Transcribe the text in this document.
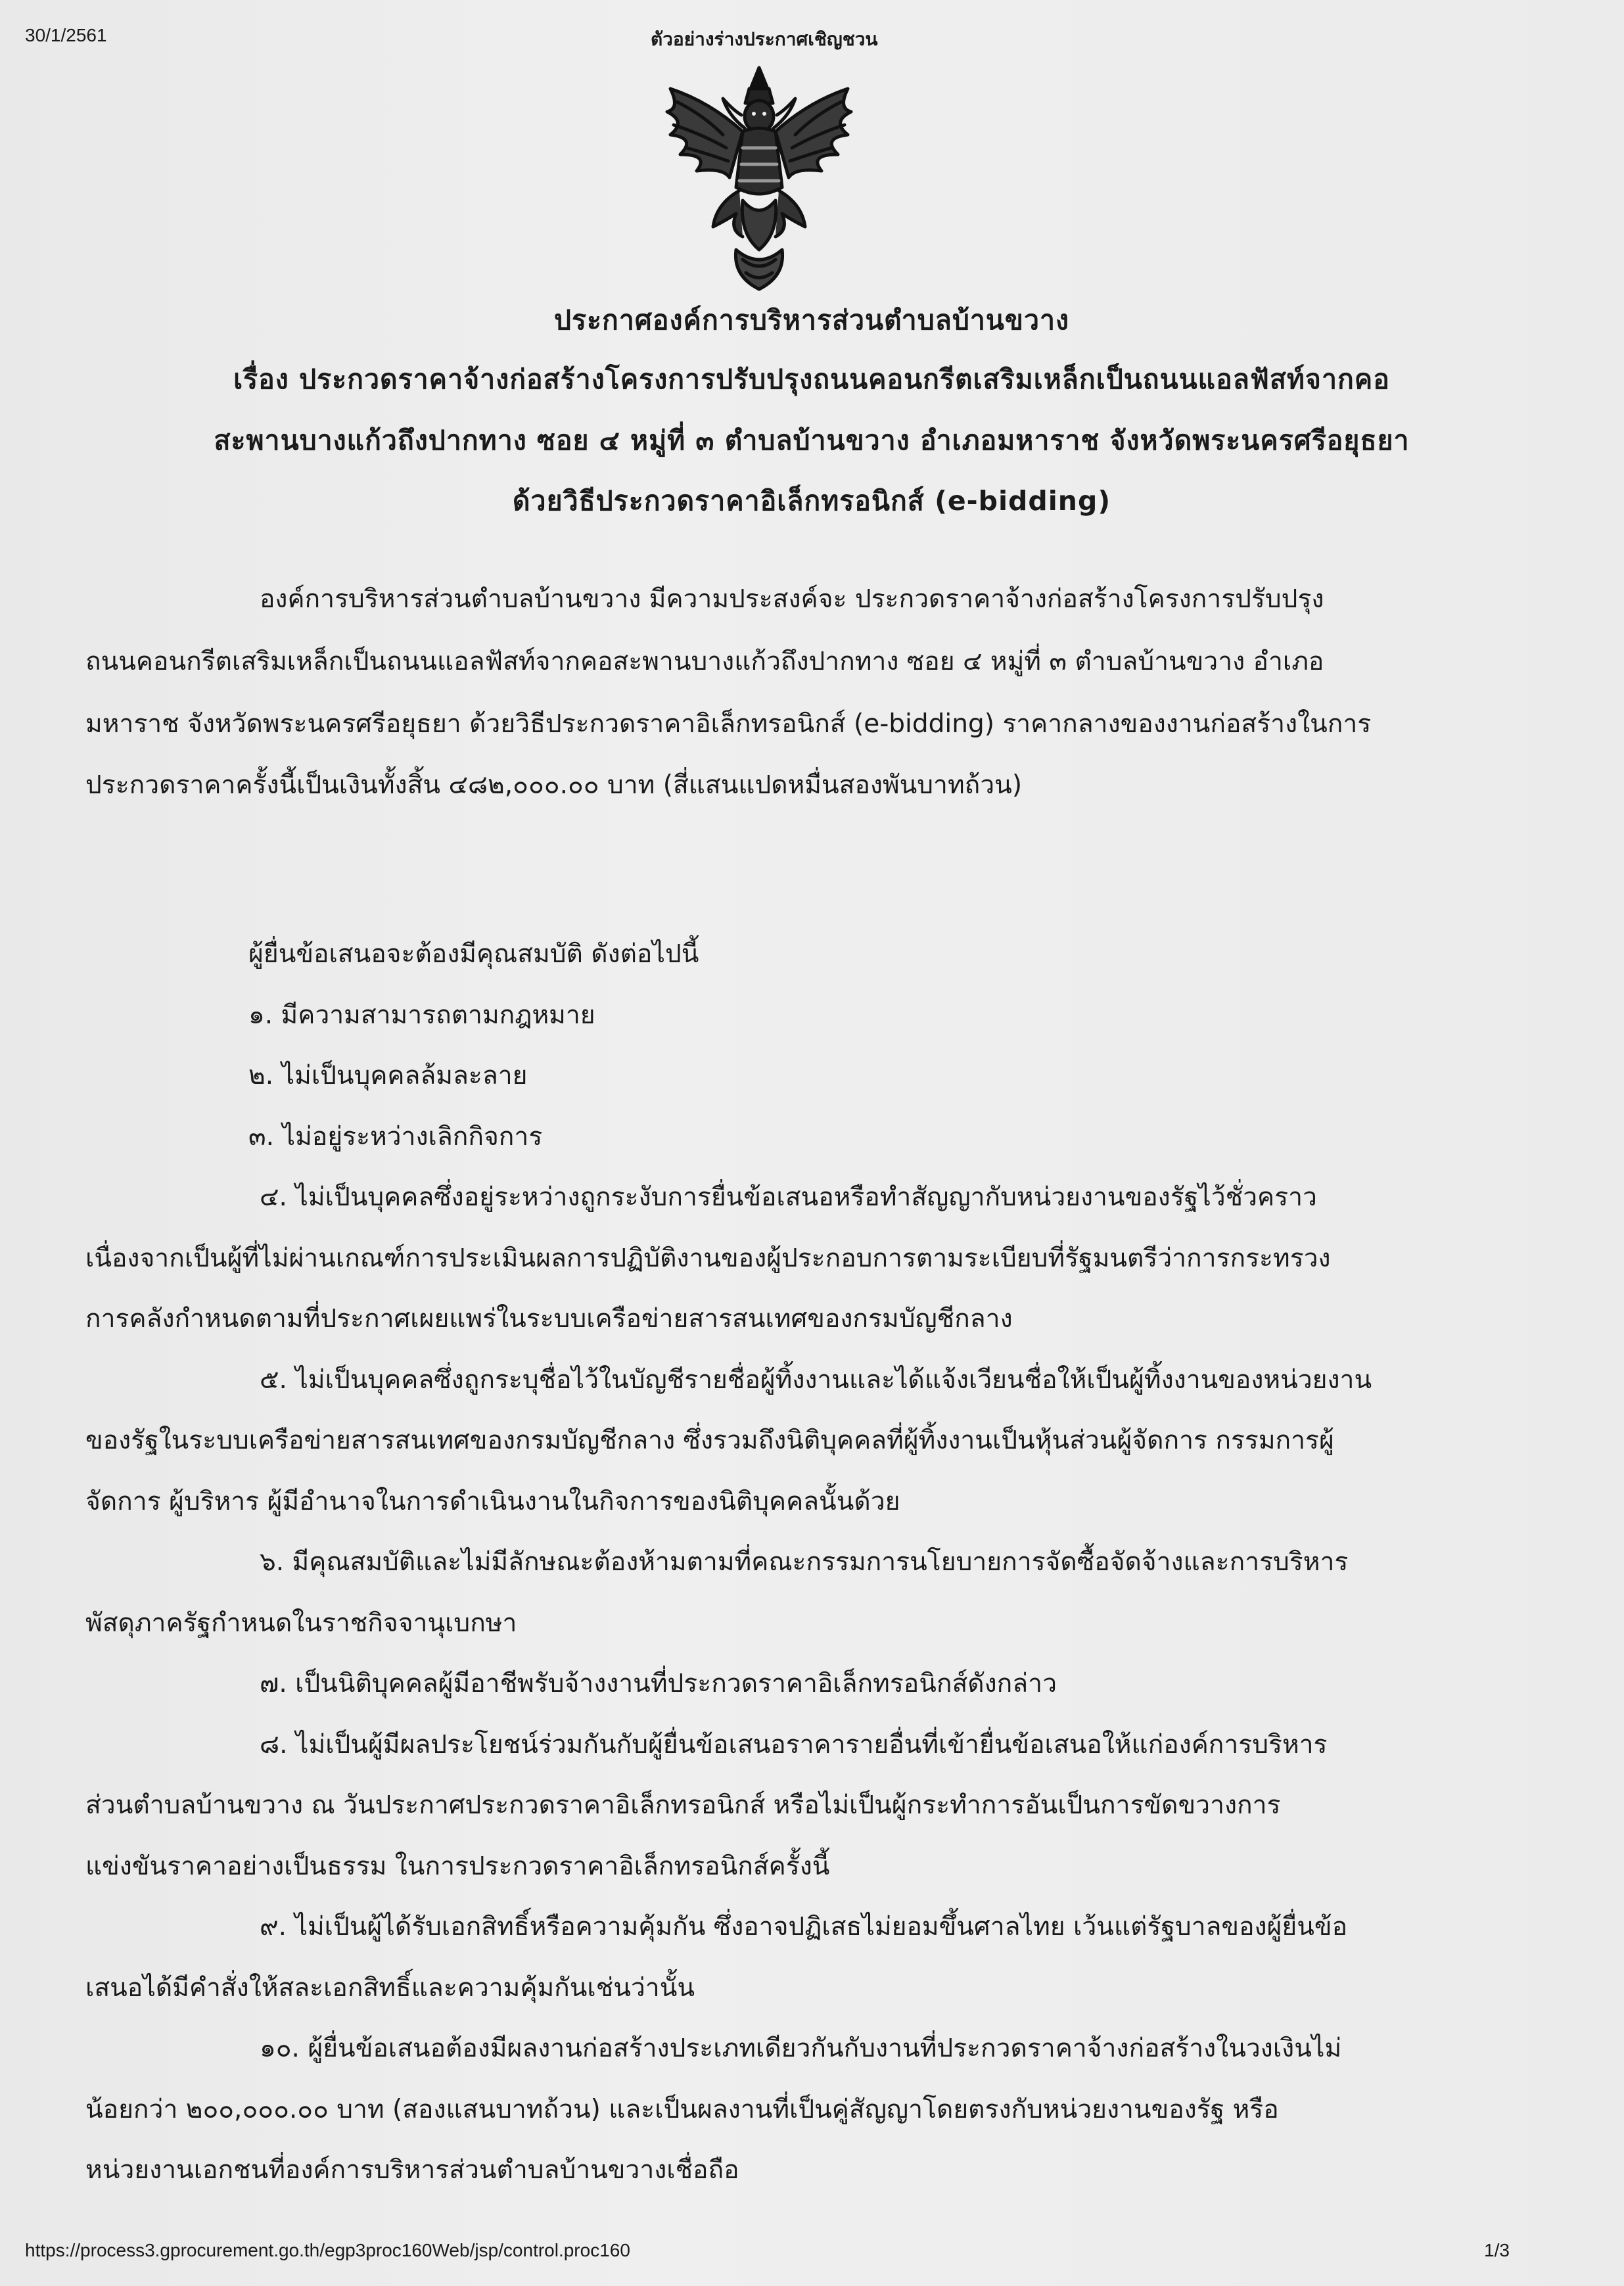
30/1/2561	ตัวอย่างร่างประกาศเชิญชวน
ประกาศองค์การบริหารส่วนตำบลบ้านขวาง
เรื่อง ประกวดราคาจ้างก่อสร้างโครงการปรับปรุงถนนคอนกรีตเสริมเหล็กเป็นถนนแอลฟัสท์จากคอ
สะพานบางแก้วถึงปากทาง ซอย ๔ หมู่ที่ ๓ ตำบลบ้านขวาง อำเภอมหาราช จังหวัดพระนครศรีอยุธยา
ด้วยวิธีประกวดราคาอิเล็กทรอนิกส์ (e-bidding)
องค์การบริหารส่วนตำบลบ้านขวาง มีความประสงค์จะ ประกวดราคาจ้างก่อสร้างโครงการปรับปรุง
ถนนคอนกรีตเสริมเหล็กเป็นถนนแอลฟัสท์จากคอสะพานบางแก้วถึงปากทาง ซอย ๔ หมู่ที่ ๓ ตำบลบ้านขวาง อำเภอ
มหาราช จังหวัดพระนครศรีอยุธยา ด้วยวิธีประกวดราคาอิเล็กทรอนิกส์ (e-bidding) ราคากลางของงานก่อสร้างในการ
ประกวดราคาครั้งนี้เป็นเงินทั้งสิ้น ๔๘๒,๐๐๐.๐๐ บาท (สี่แสนแปดหมื่นสองพันบาทถ้วน)
ผู้ยื่นข้อเสนอจะต้องมีคุณสมบัติ ดังต่อไปนี้
๑. มีความสามารถตามกฎหมาย
๒. ไม่เป็นบุคคลล้มละลาย
๓. ไม่อยู่ระหว่างเลิกกิจการ
๔. ไม่เป็นบุคคลซึ่งอยู่ระหว่างถูกระงับการยื่นข้อเสนอหรือทำสัญญากับหน่วยงานของรัฐไว้ชั่วคราว
เนื่องจากเป็นผู้ที่ไม่ผ่านเกณฑ์การประเมินผลการปฏิบัติงานของผู้ประกอบการตามระเบียบที่รัฐมนตรีว่าการกระทรวง
การคลังกำหนดตามที่ประกาศเผยแพร่ในระบบเครือข่ายสารสนเทศของกรมบัญชีกลาง
๕. ไม่เป็นบุคคลซึ่งถูกระบุชื่อไว้ในบัญชีรายชื่อผู้ทิ้งงานและได้แจ้งเวียนชื่อให้เป็นผู้ทิ้งงานของหน่วยงาน
ของรัฐในระบบเครือข่ายสารสนเทศของกรมบัญชีกลาง ซึ่งรวมถึงนิติบุคคลที่ผู้ทิ้งงานเป็นหุ้นส่วนผู้จัดการ กรรมการผู้
จัดการ ผู้บริหาร ผู้มีอำนาจในการดำเนินงานในกิจการของนิติบุคคลนั้นด้วย
๖. มีคุณสมบัติและไม่มีลักษณะต้องห้ามตามที่คณะกรรมการนโยบายการจัดซื้อจัดจ้างและการบริหาร
พัสดุภาครัฐกำหนดในราชกิจจานุเบกษา
๗. เป็นนิติบุคคลผู้มีอาชีพรับจ้างงานที่ประกวดราคาอิเล็กทรอนิกส์ดังกล่าว
๘. ไม่เป็นผู้มีผลประโยชน์ร่วมกันกับผู้ยื่นข้อเสนอราคารายอื่นที่เข้ายื่นข้อเสนอให้แก่องค์การบริหาร
ส่วนตำบลบ้านขวาง ณ วันประกาศประกวดราคาอิเล็กทรอนิกส์ หรือไม่เป็นผู้กระทำการอันเป็นการขัดขวางการ
แข่งขันราคาอย่างเป็นธรรม ในการประกวดราคาอิเล็กทรอนิกส์ครั้งนี้
๙. ไม่เป็นผู้ได้รับเอกสิทธิ์หรือความคุ้มกัน ซึ่งอาจปฏิเสธไม่ยอมขึ้นศาลไทย เว้นแต่รัฐบาลของผู้ยื่นข้อ
เสนอได้มีคำสั่งให้สละเอกสิทธิ์และความคุ้มกันเช่นว่านั้น
๑๐. ผู้ยื่นข้อเสนอต้องมีผลงานก่อสร้างประเภทเดียวกันกับงานที่ประกวดราคาจ้างก่อสร้างในวงเงินไม่
น้อยกว่า ๒๐๐,๐๐๐.๐๐ บาท (สองแสนบาทถ้วน) และเป็นผลงานที่เป็นคู่สัญญาโดยตรงกับหน่วยงานของรัฐ หรือ
หน่วยงานเอกชนที่องค์การบริหารส่วนตำบลบ้านขวางเชื่อถือ
https://process3.gprocurement.go.th/egp3proc160Web/jsp/control.proc160	1/3
